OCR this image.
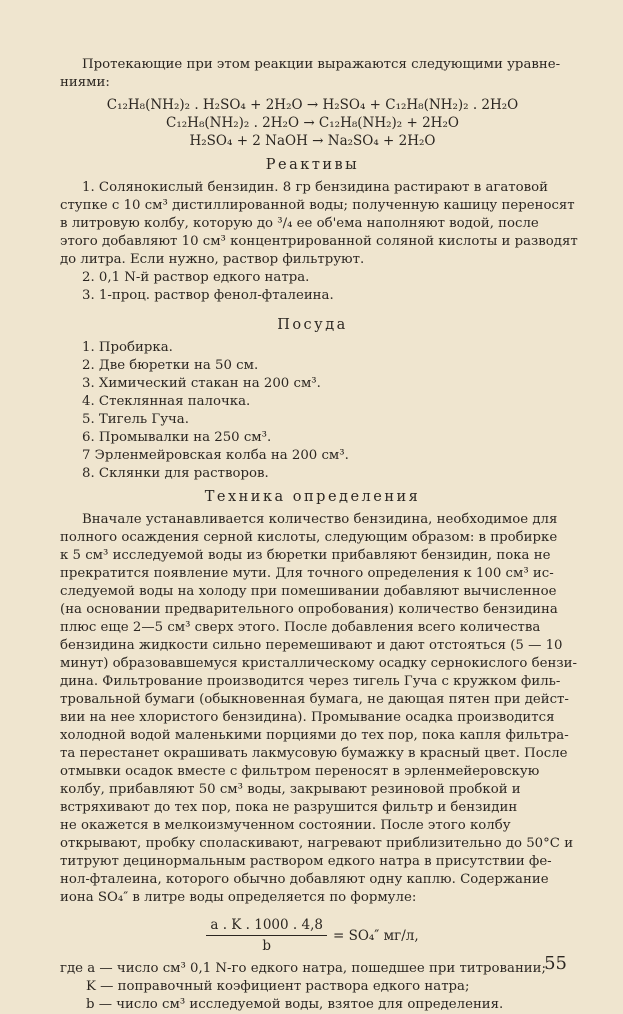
Протекающие при этом реакции выражаются следующими уравне-
ниями:
C₁₂H₈(NH₂)₂ . H₂SO₄ + 2H₂O → H₂SO₄ + C₁₂H₈(NH₂)₂ . 2H₂O
C₁₂H₈(NH₂)₂ . 2H₂O → C₁₂H₈(NH₂)₂ + 2H₂O
H₂SO₄ + 2 NaOH → Na₂SO₄ + 2H₂O
Реактивы
1. Солянокислый бензидин. 8 гр бензидина растирают в агатовой
ступке с 10 см³ дистиллированной воды; полученную кашицу переносят
в литровую колбу, которую до ³/₄ ее об'ема наполняют водой, после
этого добавляют 10 см³ концентрированной соляной кислоты и разводят
до литра. Если нужно, раствор фильтруют.
2. 0,1 N-й раствор едкого натра.
3. 1-проц. раствор фенол-фталеина.
Посуда
1. Пробирка.
2. Две бюретки на 50 см.
3. Химический стакан на 200 см³.
4. Стеклянная палочка.
5. Тигель Гуча.
6. Промывалки на 250 см³.
7 Эрленмейровская колба на 200 см³.
8. Склянки для растворов.
Техника определения
Вначале устанавливается количество бензидина, необходимое для
полного осаждения серной кислоты, следующим образом: в пробирке
к 5 см³ исследуемой воды из бюретки прибавляют бензидин, пока не
прекратится появление мути. Для точного определения к 100 см³ ис-
следуемой воды на холоду при помешивании добавляют вычисленное
(на основании предварительного опробования) количество бензидина
плюс еще 2—5 см³ сверх этого. После добавления всего количества
бензидина жидкости сильно перемешивают и дают отстояться (5 — 10
минут) образовавшемуся кристаллическому осадку сернокислого бензи-
дина. Фильтрование производится через тигель Гуча с кружком филь-
тровальной бумаги (обыкновенная бумага, не дающая пятен при дейст-
вии на нее хлористого бензидина). Промывание осадка производится
холодной водой маленькими порциями до тех пор, пока капля фильтра-
та перестанет окрашивать лакмусовую бумажку в красный цвет. После
отмывки осадок вместе с фильтром переносят в эрленмейеровскую
колбу, прибавляют 50 см³ воды, закрывают резиновой пробкой и
встряхивают до тех пор, пока не разрушится фильтр и бензидин
не окажется в мелкоизмученном состоянии. После этого колбу
открывают, пробку споласкивают, нагревают приблизительно до 50°C и
титруют децинормальным раствором едкого натра в присутствии фе-
нол-фталеина, которого обычно добавляют одну каплю. Содержание
иона SO₄″ в литре воды определяется по формуле:
$\frac{a . K . 1000 . 4,8}{b} = SO_4''$ мг/л,
где a — число см³ 0,1 N-го едкого натра, пошедшее при титровании;
K — поправочный коэфициент раствора едкого натра;
b — число см³ исследуемой воды, взятое для определения.
55
